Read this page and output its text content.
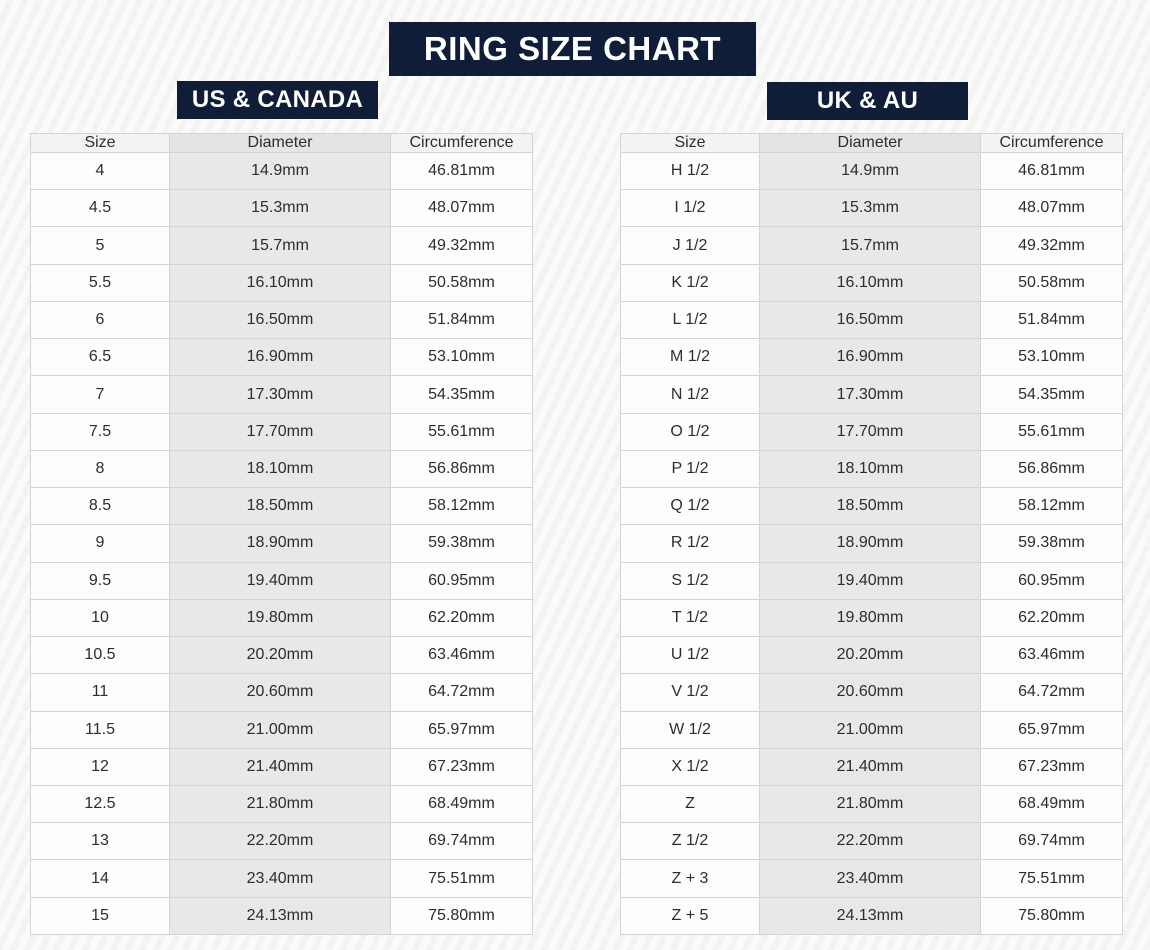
RING SIZE CHART
US & CANADA	UK & AU
Size	Diameter	Circumference
4	14.9mm	46.81mm
4.5	15.3mm	48.07mm
5	15.7mm	49.32mm
5.5	16.10mm	50.58mm
6	16.50mm	51.84mm
6.5	16.90mm	53.10mm
7	17.30mm	54.35mm
7.5	17.70mm	55.61mm
8	18.10mm	56.86mm
8.5	18.50mm	58.12mm
9	18.90mm	59.38mm
9.5	19.40mm	60.95mm
10	19.80mm	62.20mm
10.5	20.20mm	63.46mm
11	20.60mm	64.72mm
11.5	21.00mm	65.97mm
12	21.40mm	67.23mm
12.5	21.80mm	68.49mm
13	22.20mm	69.74mm
14	23.40mm	75.51mm
15	24.13mm	75.80mm
Size	Diameter	Circumference
H 1/2	14.9mm	46.81mm
I 1/2	15.3mm	48.07mm
J 1/2	15.7mm	49.32mm
K 1/2	16.10mm	50.58mm
L 1/2	16.50mm	51.84mm
M 1/2	16.90mm	53.10mm
N 1/2	17.30mm	54.35mm
O 1/2	17.70mm	55.61mm
P 1/2	18.10mm	56.86mm
Q 1/2	18.50mm	58.12mm
R 1/2	18.90mm	59.38mm
S 1/2	19.40mm	60.95mm
T 1/2	19.80mm	62.20mm
U 1/2	20.20mm	63.46mm
V 1/2	20.60mm	64.72mm
W 1/2	21.00mm	65.97mm
X 1/2	21.40mm	67.23mm
Z	21.80mm	68.49mm
Z 1/2	22.20mm	69.74mm
Z + 3	23.40mm	75.51mm
Z + 5	24.13mm	75.80mm
